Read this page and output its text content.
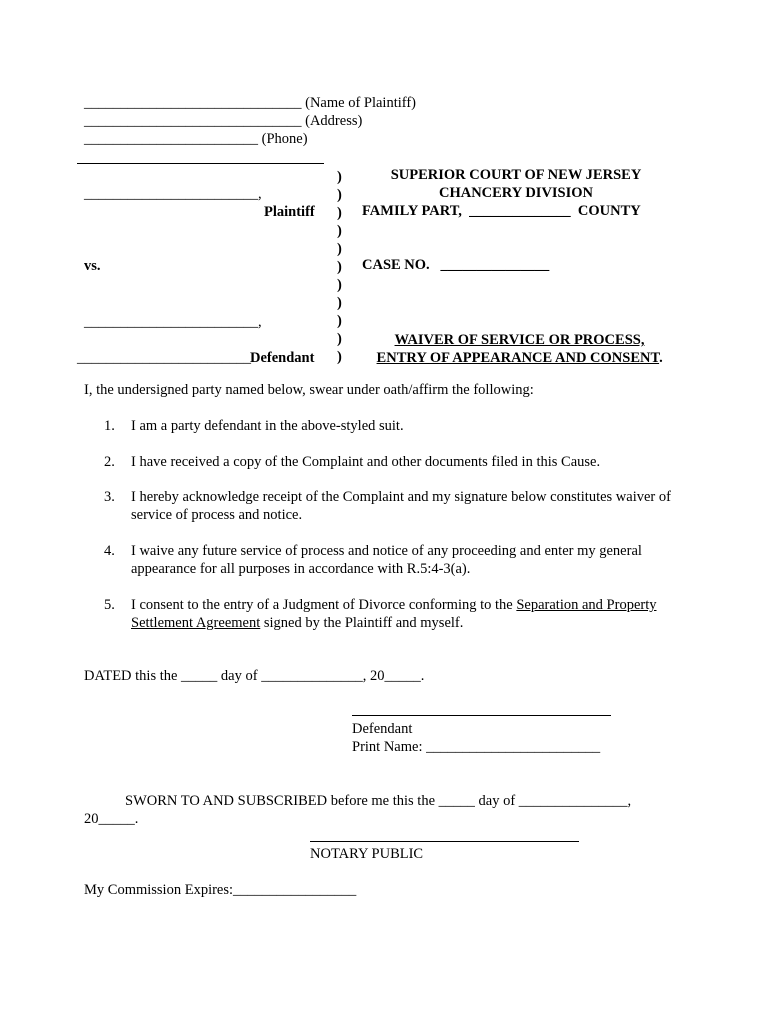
______________________________ (Name of Plaintiff)
______________________________ (Address)
________________________ (Phone)
________________________,
Plaintiff
vs.
________________________,
________________________ Defendant
)
)
)
)
)
)
)
)
)
)
)
SUPERIOR COURT OF NEW JERSEY
CHANCERY DIVISION
FAMILY PART,  ______________  COUNTY
CASE NO.   _______________

WAIVER OF SERVICE OR PROCESS,

ENTRY OF APPEARANCE AND CONSENT.

I, the undersigned party named below, swear under oath/affirm the following:
1. I am a party defendant in the above-styled suit.
2. I have received a copy of the Complaint and other documents filed in this Cause.
3. I hereby acknowledge receipt of the Complaint and my signature below constitutes waiver of service of process and notice.
4. I waive any future service of process and notice of any proceeding and enter my general appearance for all purposes in accordance with R.5:4-3(a).
5. I consent to the entry of a Judgment of Divorce conforming to the Separation and Property Settlement Agreement signed by the Plaintiff and myself.
DATED this the _____ day of ______________, 20_____.
Defendant
Print Name: ________________________
SWORN TO AND SUBSCRIBED before me this the _____ day of _______________,
20_____.
NOTARY PUBLIC
My Commission Expires:_________________
